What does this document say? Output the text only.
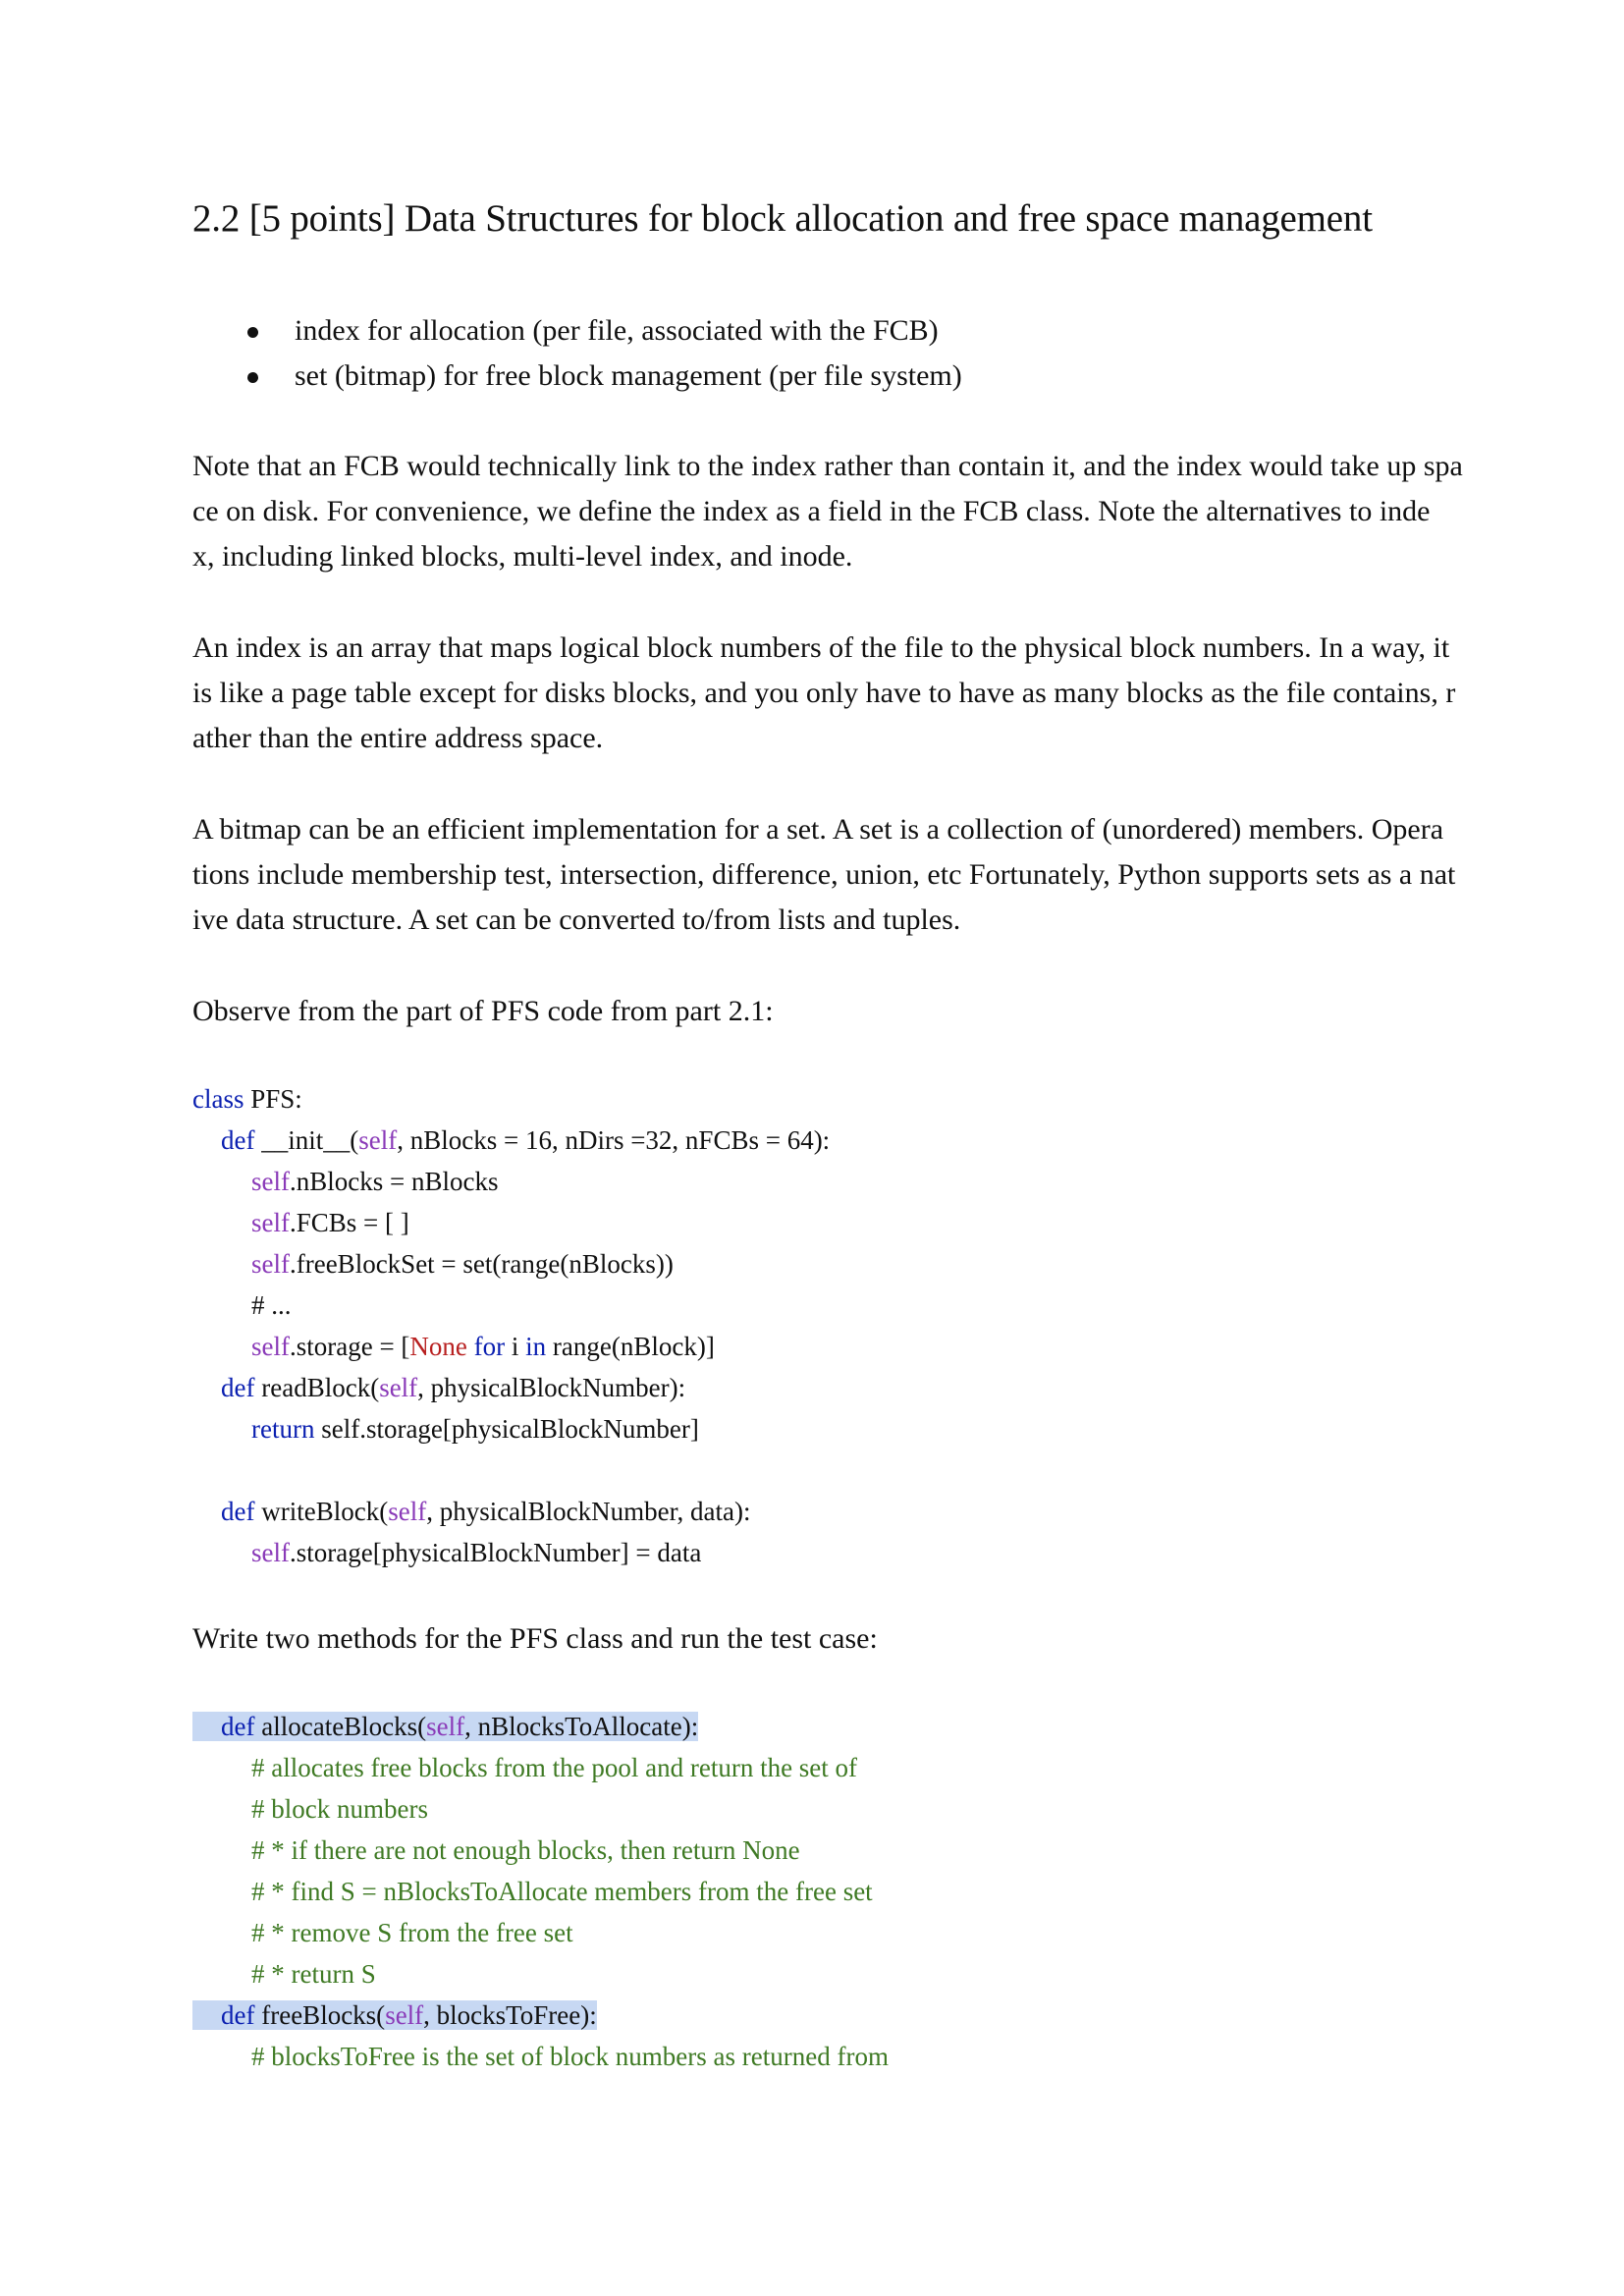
2.2 [5 points] Data Structures for block allocation and free space management
index for allocation (per file, associated with the FCB)
set (bitmap) for free block management (per file system)
Note that an FCB would technically link to the index rather than contain it, and the index would take up spa
ce on disk. For convenience, we define the index as a field in the FCB class. Note the alternatives to inde
x, including linked blocks, multi-level index, and inode.
An index is an array that maps logical block numbers of the file to the physical block numbers. In a way, it
is like a page table except for disks blocks, and you only have to have as many blocks as the file contains, r
ather than the entire address space.
A bitmap can be an efficient implementation for a set. A set is a collection of (unordered) members. Opera
tions include membership test, intersection, difference, union, etc Fortunately, Python supports sets as a nat
ive data structure. A set can be converted to/from lists and tuples.
Observe from the part of PFS code from part 2.1:
class PFS:
def __init__(self, nBlocks = 16, nDirs =32, nFCBs = 64):
self.nBlocks = nBlocks
self.FCBs = [ ]
self.freeBlockSet = set(range(nBlocks))
# ...
self.storage = [None for i in range(nBlock)]
def readBlock(self, physicalBlockNumber):
return self.storage[physicalBlockNumber]
def writeBlock(self, physicalBlockNumber, data):
self.storage[physicalBlockNumber] = data
Write two methods for the PFS class and run the test case:
def allocateBlocks(self, nBlocksToAllocate):
# allocates free blocks from the pool and return the set of
# block numbers
# * if there are not enough blocks, then return None
# * find S = nBlocksToAllocate members from the free set
# * remove S from the free set
# * return S
def freeBlocks(self, blocksToFree):
# blocksToFree is the set of block numbers as returned from
